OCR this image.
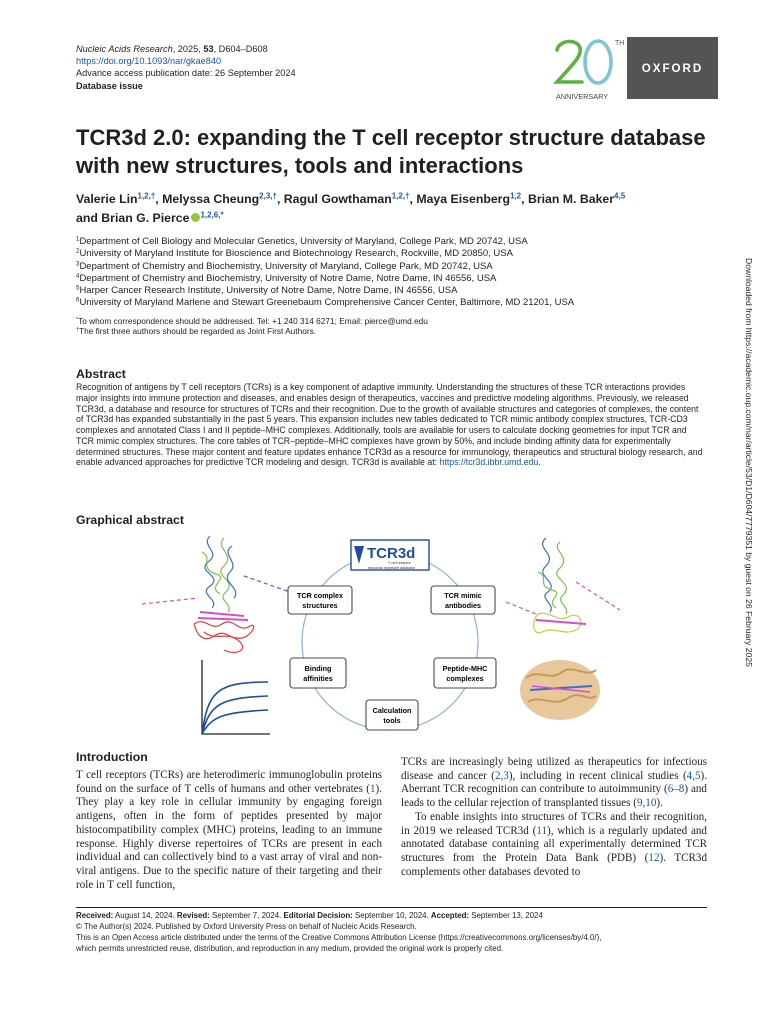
Nucleic Acids Research, 2025, 53, D604–D608
https://doi.org/10.1093/nar/gkae840
Advance access publication date: 26 September 2024
Database issue
TH
ANNIVERSARY
OXFORD
TCR3d 2.0: expanding the T cell receptor structure database with new structures, tools and interactions
Valerie Lin$^{1,2,\dagger}$, Melyssa Cheung$^{2,3,\dagger}$, Ragul Gowthaman$^{1,2,\dagger}$, Maya Eisenberg$^{1,2}$, Brian M. Baker$^{4,5}$
and Brian G. Pierce $^{1,2,6,*}$
$^1$Department of Cell Biology and Molecular Genetics, University of Maryland, College Park, MD 20742, USA
$^2$University of Maryland Institute for Bioscience and Biotechnology Research, Rockville, MD 20850, USA
$^3$Department of Chemistry and Biochemistry, University of Maryland, College Park, MD 20742, USA
$^4$Department of Chemistry and Biochemistry, University of Notre Dame, Notre Dame, IN 46556, USA
$^5$Harper Cancer Research Institute, University of Notre Dame, Notre Dame, IN 46556, USA
$^6$University of Maryland Marlene and Stewart Greenebaum Comprehensive Cancer Center, Baltimore, MD 21201, USA
*To whom correspondence should be addressed. Tel: +1 240 314 6271; Email: pierce@umd.edu
†The first three authors should be regarded as Joint First Authors.
Abstract
Recognition of antigens by T cell receptors (TCRs) is a key component of adaptive immunity. Understanding the structures of these TCR interactions provides major insights into immune protection and diseases, and enables design of therapeutics, vaccines and predictive modeling algorithms. Previously, we released TCR3d, a database and resource for structures of TCRs and their recognition. Due to the growth of available structures and categories of complexes, the content of TCR3d has expanded substantially in the past 5 years. This expansion includes new tables dedicated to TCR mimic antibody complex structures, TCR-CD3 complexes and annotated Class I and II peptide–MHC complexes. Additionally, tools are available for users to calculate docking geometries for input TCR and TCR mimic complex structures. The core tables of TCR–peptide–MHC complexes have grown by 50%, and include binding affinity data for experimentally determined structures. These major content and feature updates enhance TCR3d as a resource for immunology, therapeutics and structural biology research, and enable advanced approaches for predictive TCR modeling and design. TCR3d is available at: https://tcr3d.ibbr.umd.edu.
Graphical abstract
TCR3d
T cell receptor
structural repertoire database
TCR complex
structures
TCR mimic
antibodies
Binding
affinities
Peptide-MHC
complexes
Calculation
tools
Introduction

T cell receptors (TCRs) are heterodimeric immunoglobulin proteins found on the surface of T cells of humans and other vertebrates (1). They play a key role in cellular immunity by engaging foreign antigens, often in the form of peptides presented by major histocompatibility complex (MHC) proteins, leading to an immune response. Highly diverse repertoires of TCRs are present in each individual and can collectively bind to a vast array of viral and non-viral antigens. Due to the specific nature of their targeting and their role in T cell function,

TCRs are increasingly being utilized as therapeutics for infectious disease and cancer (2,3), including in recent clinical studies (4,5). Aberrant TCR recognition can contribute to autoimmunity (6–8) and leads to the cellular rejection of transplanted tissues (9,10).

To enable insights into structures of TCRs and their recognition, in 2019 we released TCR3d (11), which is a regularly updated and annotated database containing all experimentally determined TCR structures from the Protein Data Bank (PDB) (12). TCR3d complements other databases devoted to

Received: August 14, 2024. Revised: September 7, 2024. Editorial Decision: September 10, 2024. Accepted: September 13, 2024
© The Author(s) 2024. Published by Oxford University Press on behalf of Nucleic Acids Research.
This is an Open Access article distributed under the terms of the Creative Commons Attribution License (https://creativecommons.org/licenses/by/4.0/),
which permits unrestricted reuse, distribution, and reproduction in any medium, provided the original work is properly cited.
Downloaded from https://academic.oup.com/nar/article/53/D1/D604/7779351 by guest on 26 February 2025
